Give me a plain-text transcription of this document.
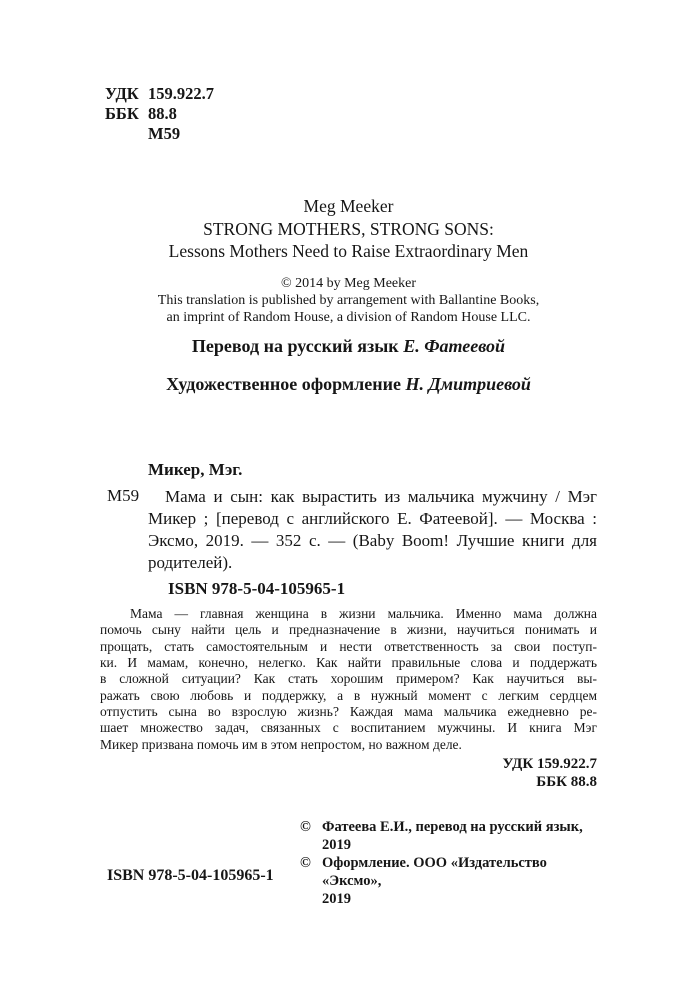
УДК 159.922.7
ББК 88.8
М59
Meg Meeker
STRONG MOTHERS, STRONG SONS:
Lessons Mothers Need to Raise Extraordinary Men
© 2014 by Meg Meeker
This translation is published by arrangement with Ballantine Books,
an imprint of Random House, a division of Random House LLC.
Перевод на русский язык Е. Фатеевой
Художественное оформление Н. Дмитриевой
Микер, Мэг.
М59	Мама и сын: как вырастить из мальчика мужчину / Мэг
Микер ; [перевод с английского Е. Фатеевой]. — Москва :
Эксмо, 2019. — 352 с. — (Baby Boom! Лучшие книги для
родителей).
ISBN 978-5-04-105965-1
Мама — главная женщина в жизни мальчика. Именно мама должна
помочь сыну найти цель и предназначение в жизни, научиться понимать и
прощать, стать самостоятельным и нести ответственность за свои поступ-
ки. И мамам, конечно, нелегко. Как найти правильные слова и поддержать
в сложной ситуации? Как стать хорошим примером? Как научиться вы-
ражать свою любовь и поддержку, а в нужный момент с легким сердцем
отпустить сына во взрослую жизнь? Каждая мама мальчика ежедневно ре-
шает множество задач, связанных с воспитанием мужчины. И книга Мэг
Микер призвана помочь им в этом непростом, но важном деле.
УДК 159.922.7
ББК 88.8
© Фатеева Е.И., перевод на русский язык,
2019
© Оформление. ООО «Издательство «Эксмо»,
2019
ISBN 978-5-04-105965-1
